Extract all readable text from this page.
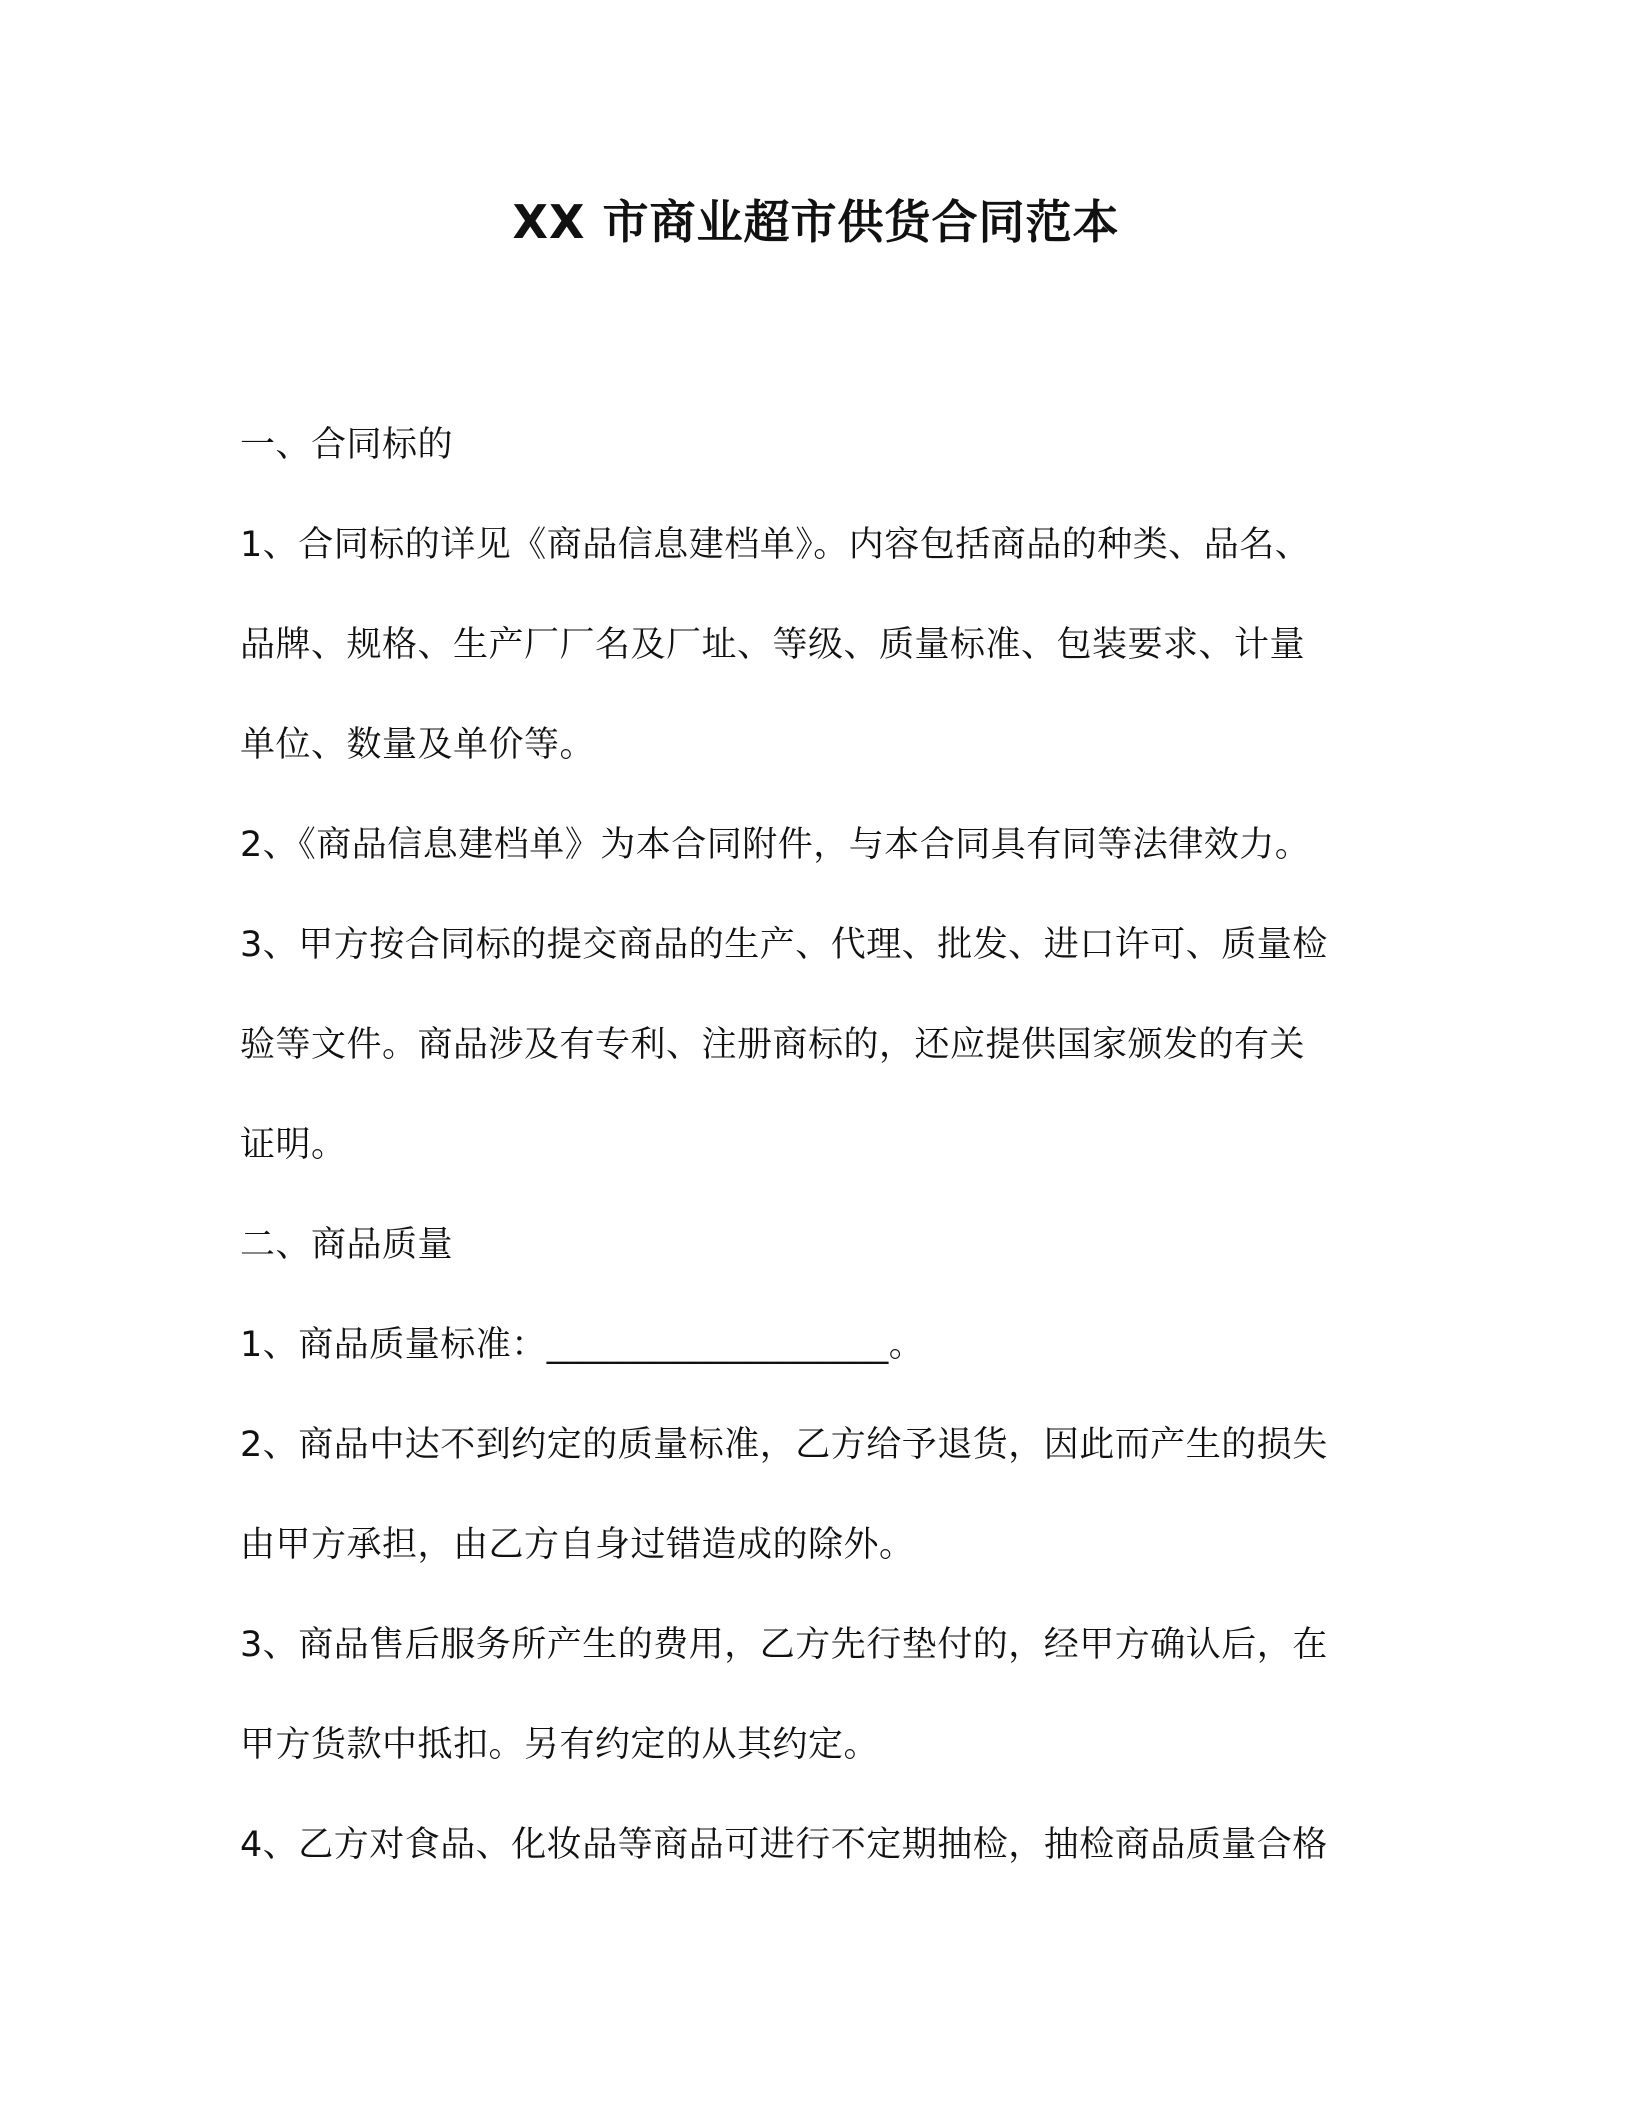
XX 市商业超市供货合同范本
一、合同标的
1、合同标的详见《商品信息建档单》。内容包括商品的种类、品名、
品牌、规格、生产厂厂名及厂址、等级、质量标准、包装要求、计量
单位、数量及单价等。
2、《商品信息建档单》为本合同附件，与本合同具有同等法律效力。
3、甲方按合同标的提交商品的生产、代理、批发、进口许可、质量检
验等文件。商品涉及有专利、注册商标的，还应提供国家颁发的有关
证明。
二、商品质量
1、商品质量标准：___________________。
2、商品中达不到约定的质量标准，乙方给予退货，因此而产生的损失
由甲方承担，由乙方自身过错造成的除外。
3、商品售后服务所产生的费用，乙方先行垫付的，经甲方确认后，在
甲方货款中抵扣。另有约定的从其约定。
4、乙方对食品、化妆品等商品可进行不定期抽检，抽检商品质量合格
